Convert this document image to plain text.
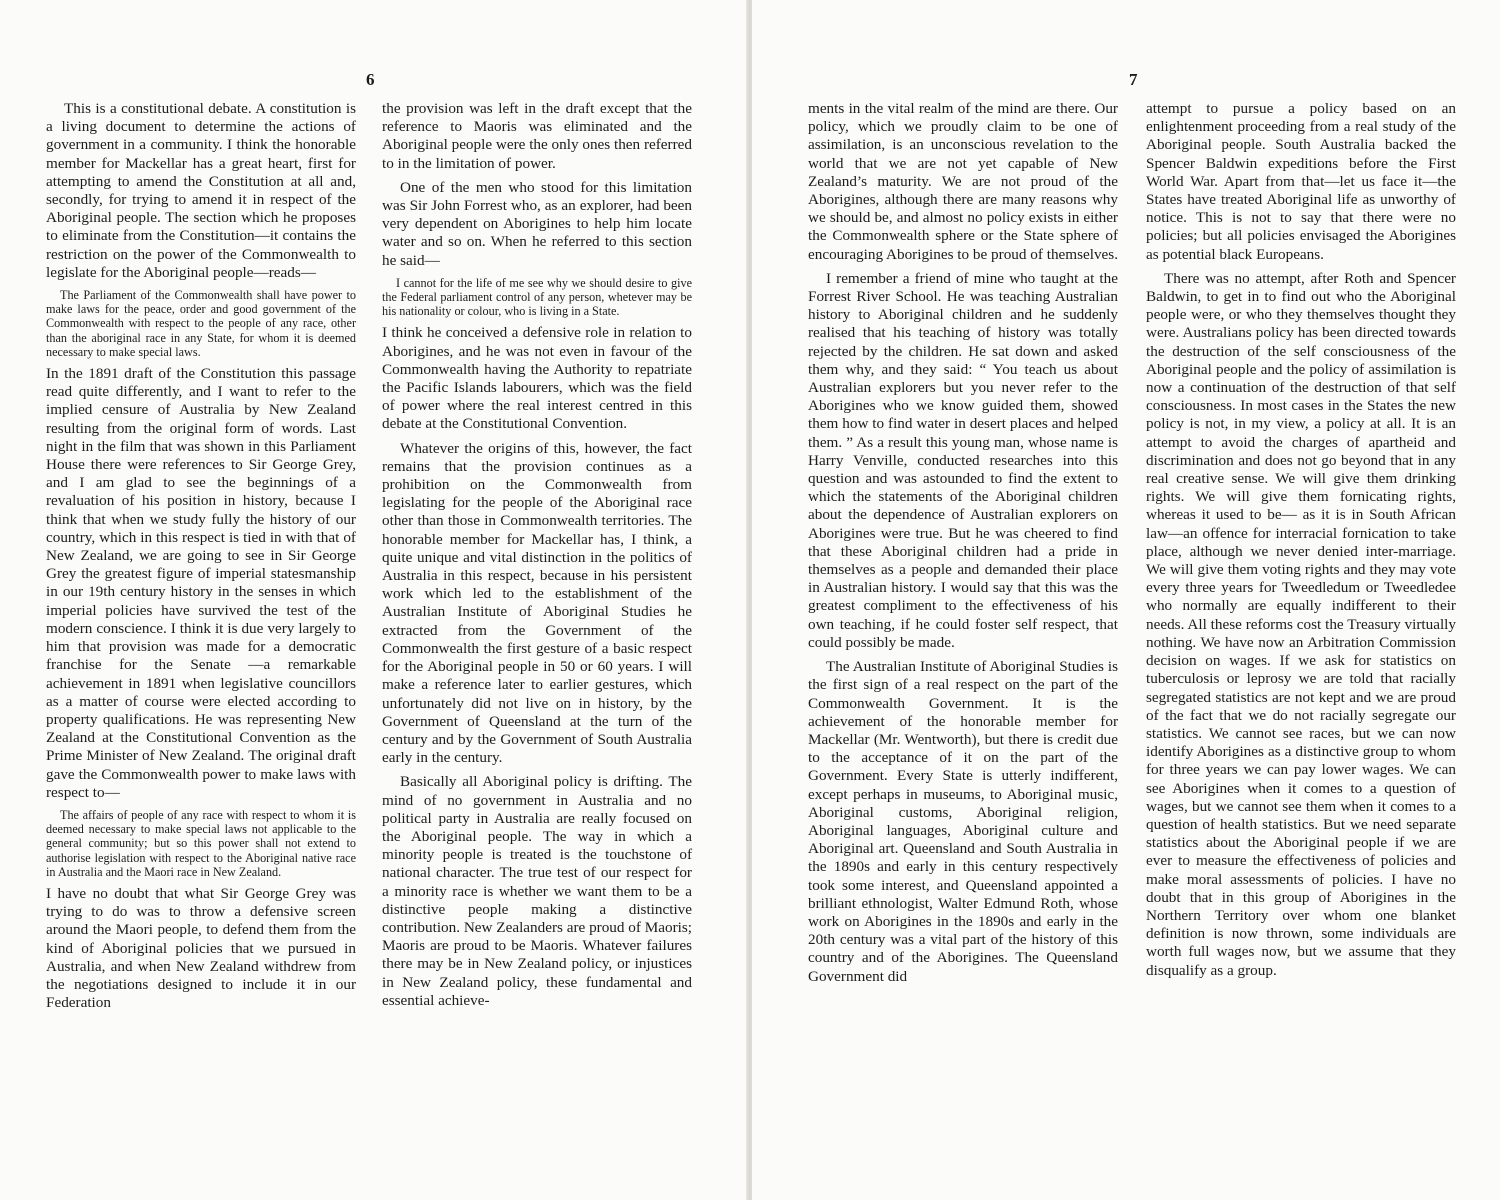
6

This is a constitutional debate. A constitution is a living document to determine the actions of government in a community. I think the honorable member for Mackellar has a great heart, first for attempting to amend the Constitution at all and, secondly, for trying to amend it in respect of the Aboriginal people. The section which he proposes to eliminate from the Constitution—it contains the restriction on the power of the Commonwealth to legislate for the Aboriginal people—reads—

The Parliament of the Commonwealth shall have power to make laws for the peace, order and good government of the Commonwealth with respect to the people of any race, other than the aboriginal race in any State, for whom it is deemed necessary to make special laws.

In the 1891 draft of the Constitution this passage read quite differently, and I want to refer to the implied censure of Australia by New Zealand resulting from the original form of words. Last night in the film that was shown in this Parliament House there were references to Sir George Grey, and I am glad to see the beginnings of a revaluation of his position in history, because I think that when we study fully the history of our country, which in this respect is tied in with that of New Zealand, we are going to see in Sir George Grey the greatest figure of imperial statesmanship in our 19th century history in the senses in which imperial policies have survived the test of the modern conscience. I think it is due very largely to him that provision was made for a democratic franchise for the Senate —a remarkable achievement in 1891 when legislative councillors as a matter of course were elected according to property qualifications. He was representing New Zealand at the Constitutional Convention as the Prime Minister of New Zealand. The original draft gave the Commonwealth power to make laws with respect to—

The affairs of people of any race with respect to whom it is deemed necessary to make special laws not applicable to the general community; but so this power shall not extend to authorise legislation with respect to the Aboriginal native race in Australia and the Maori race in New Zealand.

I have no doubt that what Sir George Grey was trying to do was to throw a defensive screen around the Maori people, to defend them from the kind of Aboriginal policies that we pursued in Australia, and when New Zealand withdrew from the negotiations designed to include it in our Federation

the provision was left in the draft except that the reference to Maoris was eliminated and the Aboriginal people were the only ones then referred to in the limitation of power.

One of the men who stood for this limitation was Sir John Forrest who, as an explorer, had been very dependent on Aborigines to help him locate water and so on. When he referred to this section he said—

I cannot for the life of me see why we should desire to give the Federal parliament control of any person, whetever may be his nationality or colour, who is living in a State.

I think he conceived a defensive role in relation to Aborigines, and he was not even in favour of the Commonwealth having the Authority to repatriate the Pacific Islands labourers, which was the field of power where the real interest centred in this debate at the Constitutional Convention.

Whatever the origins of this, however, the fact remains that the provision continues as a prohibition on the Commonwealth from legislating for the people of the Aboriginal race other than those in Commonwealth territories. The honorable member for Mackellar has, I think, a quite unique and vital distinction in the politics of Australia in this respect, because in his persistent work which led to the establishment of the Australian Institute of Aboriginal Studies he extracted from the Government of the Commonwealth the first gesture of a basic respect for the Aboriginal people in 50 or 60 years. I will make a reference later to earlier gestures, which unfortunately did not live on in history, by the Government of Queensland at the turn of the century and by the Government of South Australia early in the century.

Basically all Aboriginal policy is drifting. The mind of no government in Australia and no political party in Australia are really focused on the Aboriginal people. The way in which a minority people is treated is the touchstone of national character. The true test of our respect for a minority race is whether we want them to be a distinctive people making a distinctive contribution. New Zealanders are proud of Maoris; Maoris are proud to be Maoris. Whatever failures there may be in New Zealand policy, or injustices in New Zealand policy, these fundamental and essential achieve-

7

ments in the vital realm of the mind are there. Our policy, which we proudly claim to be one of assimilation, is an unconscious revelation to the world that we are not yet capable of New Zealand’s maturity. We are not proud of the Aborigines, although there are many reasons why we should be, and almost no policy exists in either the Commonwealth sphere or the State sphere of encouraging Aborigines to be proud of themselves.

I remember a friend of mine who taught at the Forrest River School. He was teaching Australian history to Aboriginal children and he suddenly realised that his teaching of history was totally rejected by the children. He sat down and asked them why, and they said: “ You teach us about Australian explorers but you never refer to the Aborigines who we know guided them, showed them how to find water in desert places and helped them. ” As a result this young man, whose name is Harry Venville, conducted researches into this question and was astounded to find the extent to which the statements of the Aboriginal children about the dependence of Australian explorers on Aborigines were true. But he was cheered to find that these Aboriginal children had a pride in themselves as a people and demanded their place in Australian history. I would say that this was the greatest compliment to the effectiveness of his own teaching, if he could foster self respect, that could possibly be made.

The Australian Institute of Aboriginal Studies is the first sign of a real respect on the part of the Commonwealth Government. It is the achievement of the honorable member for Mackellar (Mr. Wentworth), but there is credit due to the acceptance of it on the part of the Government. Every State is utterly indifferent, except perhaps in museums, to Aboriginal music, Aboriginal customs, Aboriginal religion, Aboriginal languages, Aboriginal culture and Aboriginal art. Queensland and South Australia in the 1890s and early in this century respectively took some interest, and Queensland appointed a brilliant ethnologist, Walter Edmund Roth, whose work on Aborigines in the 1890s and early in the 20th century was a vital part of the history of this country and of the Aborigines. The Queensland Government did

attempt to pursue a policy based on an enlightenment proceeding from a real study of the Aboriginal people. South Australia backed the Spencer Baldwin expeditions before the First World War. Apart from that—let us face it—the States have treated Aboriginal life as unworthy of notice. This is not to say that there were no policies; but all policies envisaged the Aborigines as potential black Europeans.

There was no attempt, after Roth and Spencer Baldwin, to get in to find out who the Aboriginal people were, or who they themselves thought they were. Australians policy has been directed towards the destruction of the self consciousness of the Aboriginal people and the policy of assimilation is now a continuation of the destruction of that self consciousness. In most cases in the States the new policy is not, in my view, a policy at all. It is an attempt to avoid the charges of apartheid and discrimination and does not go beyond that in any real creative sense. We will give them drinking rights. We will give them fornicating rights, whereas it used to be— as it is in South African law—an offence for interracial fornication to take place, although we never denied inter-marriage. We will give them voting rights and they may vote every three years for Tweedledum or Tweedledee who normally are equally indifferent to their needs. All these reforms cost the Treasury virtually nothing. We have now an Arbitration Commission decision on wages. If we ask for statistics on tuberculosis or leprosy we are told that racially segregated statistics are not kept and we are proud of the fact that we do not racially segregate our statistics. We cannot see races, but we can now identify Aborigines as a distinctive group to whom for three years we can pay lower wages. We can see Aborigines when it comes to a question of wages, but we cannot see them when it comes to a question of health statistics. But we need separate statistics about the Aboriginal people if we are ever to measure the effectiveness of policies and make moral assessments of policies. I have no doubt that in this group of Aborigines in the Northern Territory over whom one blanket definition is now thrown, some individuals are worth full wages now, but we assume that they disqualify as a group.
